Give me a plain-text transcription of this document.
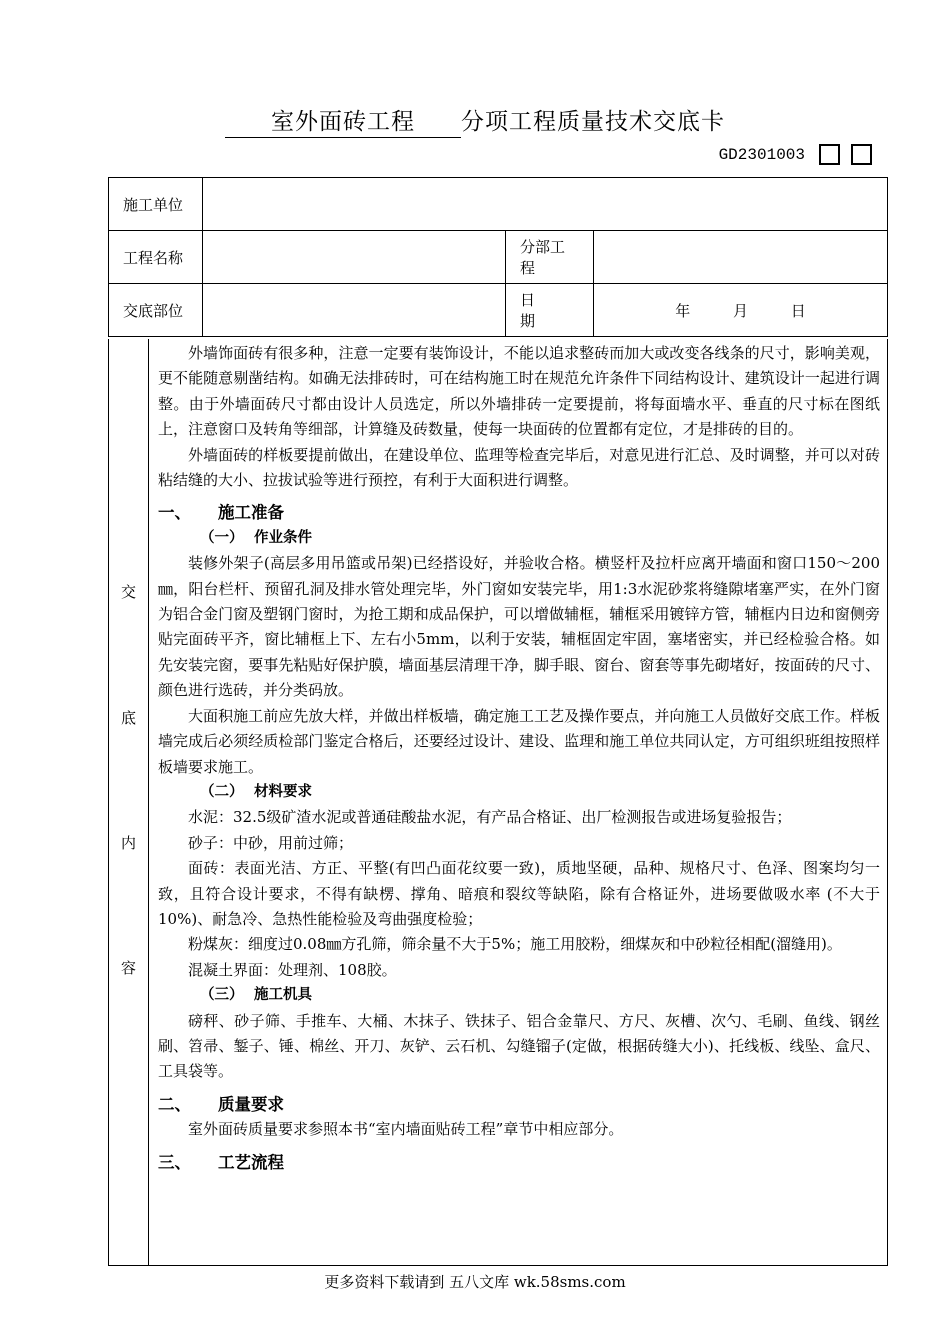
室外面砖工程 分项工程质量技术交底卡
GD2301003
施工单位			
工程名称		分部工程	
交底部位		日　　期	年 月 日
交
底
内
容

外墙饰面砖有很多种，注意一定要有装饰设计，不能以追求整砖而加大或改变各线条的尺寸，影响美观，更不能随意剔凿结构。如确无法排砖时，可在结构施工时在规范允许条件下同结构设计、建筑设计一起进行调整。由于外墙面砖尺寸都由设计人员选定，所以外墙排砖一定要提前，将每面墙水平、垂直的尺寸标在图纸上，注意窗口及转角等细部，计算缝及砖数量，使每一块面砖的位置都有定位，才是排砖的目的。

外墙面砖的样板要提前做出，在建设单位、监理等检查完毕后，对意见进行汇总、及时调整，并可以对砖粘结缝的大小、拉拔试验等进行预控，有利于大面积进行调整。

一、 施工准备

（一） 作业条件

装修外架子(高层多用吊篮或吊架)已经搭设好，并验收合格。横竖杆及拉杆应离开墙面和窗口150～200㎜，阳台栏杆、预留孔洞及排水管处理完毕，外门窗如安装完毕，用1:3水泥砂浆将缝隙堵塞严实，在外门窗为铝合金门窗及塑钢门窗时，为抢工期和成品保护，可以增做辅框，辅框采用镀锌方管，辅框内日边和窗侧旁贴完面砖平齐，窗比辅框上下、左右小5mm，以利于安装，辅框固定牢固，塞堵密实，并已经检验合格。如先安装完窗，要事先粘贴好保护膜，墙面基层清理干净，脚手眼、窗台、窗套等事先砌堵好，按面砖的尺寸、颜色进行选砖，并分类码放。

大面积施工前应先放大样，并做出样板墙，确定施工工艺及操作要点，并向施工人员做好交底工作。样板墙完成后必须经质检部门鉴定合格后，还要经过设计、建设、监理和施工单位共同认定，方可组织班组按照样板墙要求施工。

（二） 材料要求

水泥：32.5级矿渣水泥或普通硅酸盐水泥，有产品合格证、出厂检测报告或进场复验报告；

砂子：中砂，用前过筛；

面砖：表面光洁、方正、平整(有凹凸面花纹要一致)，质地坚硬，品种、规格尺寸、色泽、图案均匀一致，且符合设计要求，不得有缺楞、撑角、暗痕和裂纹等缺陷，除有合格证外，进场要做吸水率 (不大于10%)、耐急冷、急热性能检验及弯曲强度检验；

粉煤灰：细度过0.08㎜方孔筛，筛余量不大于5%；施工用胶粉，细煤灰和中砂粒径相配(溜缝用)。

混凝土界面：处理剂、108胶。

（三） 施工机具

磅秤、砂子筛、手推车、大桶、木抹子、铁抹子、铝合金靠尺、方尺、灰槽、次勺、毛刷、鱼线、钢丝刷、笤帚、錾子、锤、棉丝、开刀、灰铲、云石机、勾缝镏子(定做，根据砖缝大小)、托线板、线坠、盒尺、工具袋等。

二、 质量要求

室外面砖质量要求参照本书“室内墙面贴砖工程”章节中相应部分。

三、 工艺流程

更多资料下载请到 五八文库 wk.58sms.com
